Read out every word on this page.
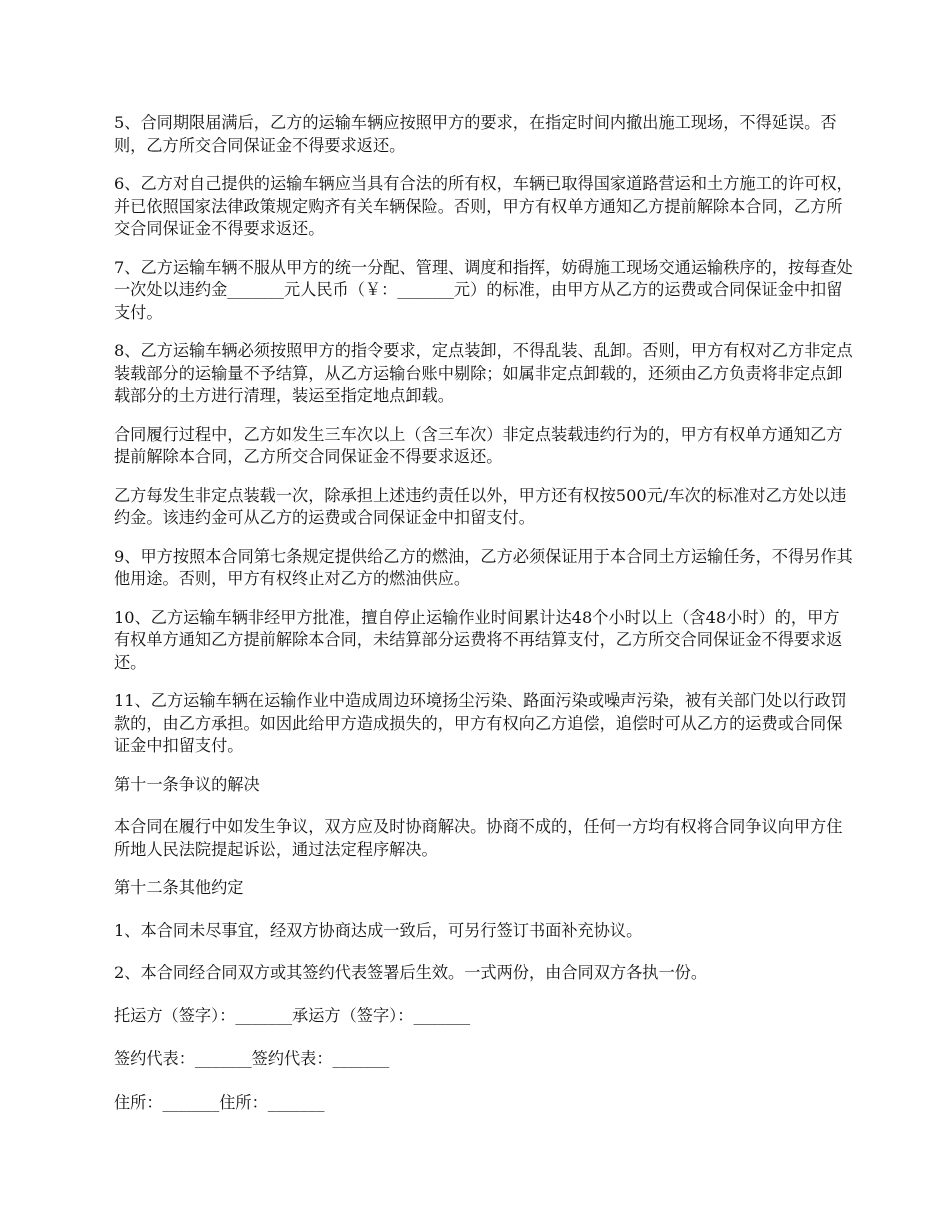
5、合同期限届满后，乙方的运输车辆应按照甲方的要求，在指定时间内撤出施工现场，不得延误。否则，乙方所交合同保证金不得要求返还。

6、乙方对自己提供的运输车辆应当具有合法的所有权，车辆已取得国家道路营运和土方施工的许可权，并已依照国家法律政策规定购齐有关车辆保险。否则，甲方有权单方通知乙方提前解除本合同，乙方所交合同保证金不得要求返还。

7、乙方运输车辆不服从甲方的统一分配、管理、调度和指挥，妨碍施工现场交通运输秩序的，按每查处一次处以违约金_______元人民币（￥：_______元）的标准，由甲方从乙方的运费或合同保证金中扣留支付。

8、乙方运输车辆必须按照甲方的指令要求，定点装卸，不得乱装、乱卸。否则，甲方有权对乙方非定点装载部分的运输量不予结算，从乙方运输台账中剔除；如属非定点卸载的，还须由乙方负责将非定点卸载部分的土方进行清理，装运至指定地点卸载。

合同履行过程中，乙方如发生三车次以上（含三车次）非定点装载违约行为的，甲方有权单方通知乙方提前解除本合同，乙方所交合同保证金不得要求返还。

乙方每发生非定点装载一次，除承担上述违约责任以外，甲方还有权按500元/车次的标准对乙方处以违约金。该违约金可从乙方的运费或合同保证金中扣留支付。

9、甲方按照本合同第七条规定提供给乙方的燃油，乙方必须保证用于本合同土方运输任务，不得另作其他用途。否则，甲方有权终止对乙方的燃油供应。

10、乙方运输车辆非经甲方批准，擅自停止运输作业时间累计达48个小时以上（含48小时）的，甲方有权单方通知乙方提前解除本合同，未结算部分运费将不再结算支付，乙方所交合同保证金不得要求返还。

11、乙方运输车辆在运输作业中造成周边环境扬尘污染、路面污染或噪声污染，被有关部门处以行政罚款的，由乙方承担。如因此给甲方造成损失的，甲方有权向乙方追偿，追偿时可从乙方的运费或合同保证金中扣留支付。

第十一条争议的解决

本合同在履行中如发生争议，双方应及时协商解决。协商不成的，任何一方均有权将合同争议向甲方住所地人民法院提起诉讼，通过法定程序解决。

第十二条其他约定

1、本合同未尽事宜，经双方协商达成一致后，可另行签订书面补充协议。

2、本合同经合同双方或其签约代表签署后生效。一式两份，由合同双方各执一份。

托运方（签字）：_______承运方（签字）：_______
签约代表：_______签约代表：_______
住所：_______住所：_______
